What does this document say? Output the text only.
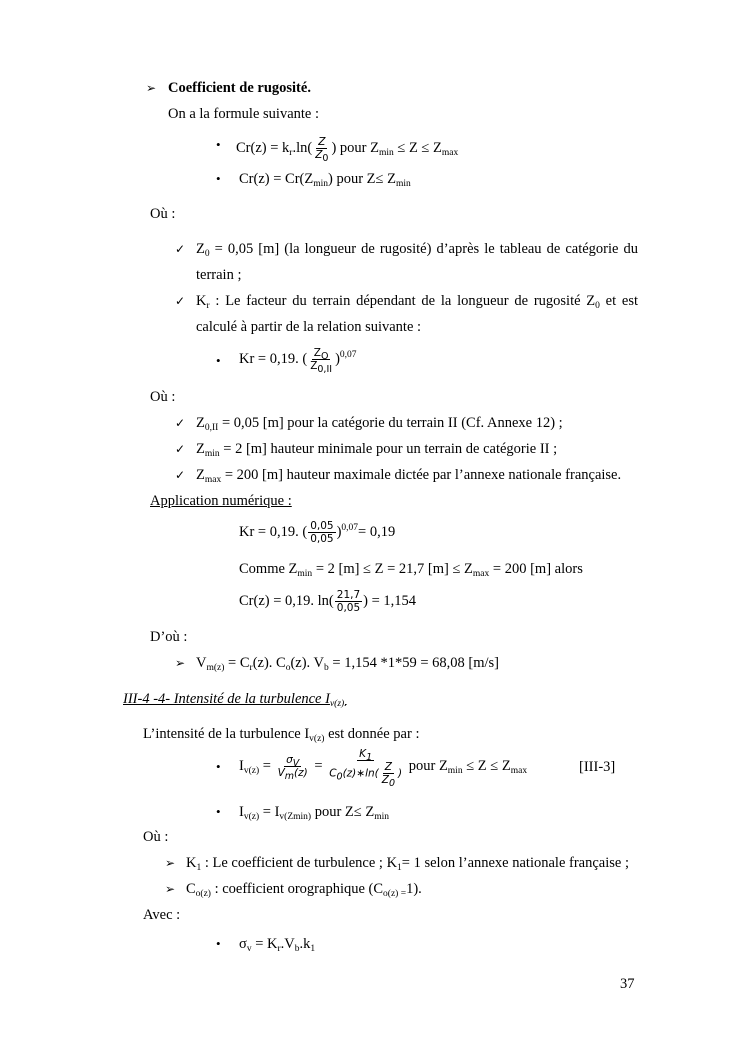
➢ Coefficient de rugosité.
On a la formule suivante :
• $Cr(z) = k_r.\ln( \frac{Z}{Z_0}$ ) pour $Z_{min} \le Z \le Z_{max}$
• $Cr(z) = Cr(Z_{min})$ pour $Z\le Z_{min}$
Où :
✓ $Z_0 = 0,05$ [m] (la longueur de rugosité) d’après le tableau de catégorie du
terrain ;
✓ $K_r$ : Le facteur du terrain dépendant de la longueur de rugosité $Z_0$ et est
calculé à partir de la relation suivante :
• Kr = 0,19. ( $\frac{Z_O}{Z_{0,II}} )^{0,07}$
Où :
✓ $Z_{0,II} = 0,05$ [m] pour la catégorie du terrain II (Cf. Annexe 12) ;
✓ $Z_{min} = 2$ [m] hauteur minimale pour un terrain de catégorie II ;
✓ $Z_{max} = 200$ [m] hauteur maximale dictée par l’annexe nationale française.
Application numérique :
Kr = 0,19. ( $\frac{0,05}{0,05} )^{0,07}= 0,19$
Comme $Z_{min} = 2$ [m] ≤ Z = 21,7 $[m] \le Z_{max} = 200$ [m] alors
Cr(z) = 0,19. $\ln( \frac{21,7}{0,05}$ ) = 1,154
D’où :
➢ $V_{m(z)} = C_r(z)$. $C_o(z)$. $V_b = 1,154$ *1*59 = 68,08 [m/s]
III-4 -4- Intensité de la turbulence $I_{v(z).}$
L’intensité de la turbulence $I_{v(z)}$ est donnée par :
• $I_{v(z)} = \frac{\sigma_V}{V_m(z)} = \frac{K_1}{C_0(z)∗\ln( \frac{Z}{Z_0} )}$ pour $Z_{min} \le Z \le Z_{max}$	[III-3]
• $I_{v(z)} = I_{v(Zmin)}$ pour $Z\le Z_{min}$
Où :
➢ $K_1$ : Le coefficient de turbulence ; $K_1= 1$ selon l’annexe nationale française ;
➢ $C_{o(z)}$ : coefficient orographique $(C_{o(z) =}1)$.
Avec :
• $\sigma_v = K_r.V_b.k_1$
37
